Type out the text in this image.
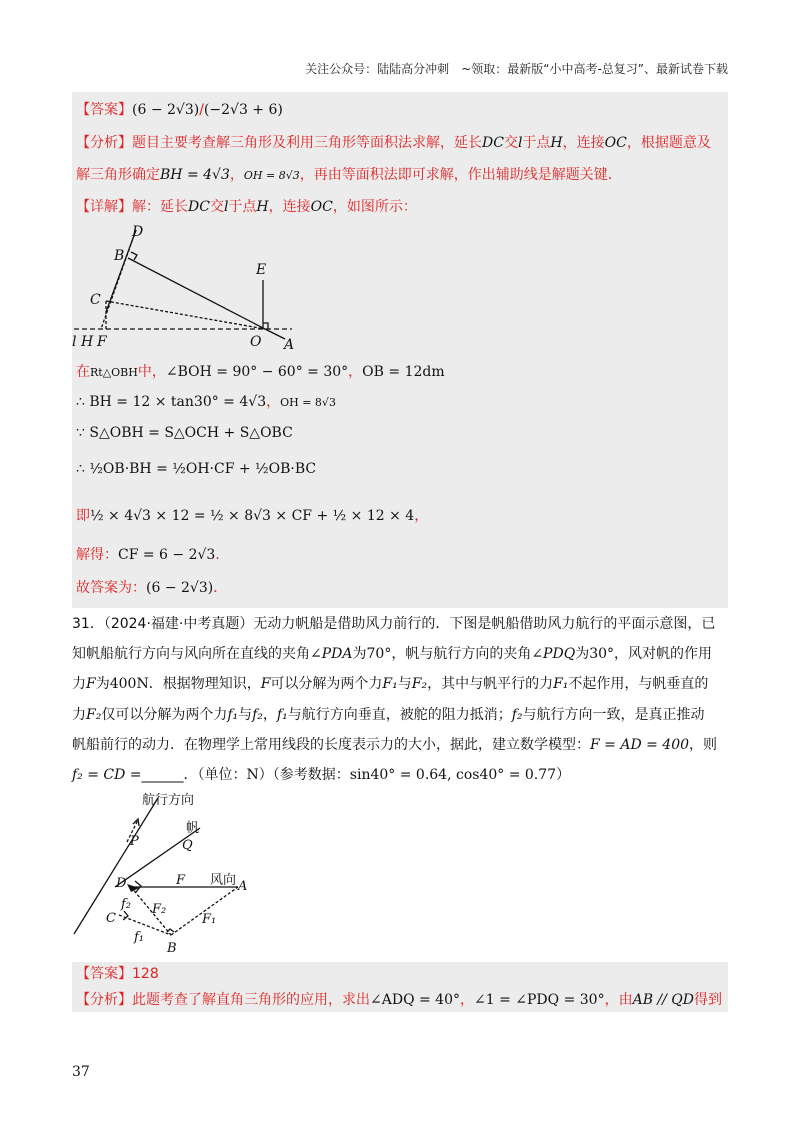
关注公众号：陆陆高分冲刺　~领取：最新版“小中高考-总复习”、最新试卷下载
【答案】(6 − 2√3)/(−2√3 + 6)
【分析】题目主要考查解三角形及利用三角形等面积法求解，延长DC交l于点H，连接OC，根据题意及
解三角形确定BH = 4√3，OH = 8√3，再由等面积法即可求解，作出辅助线是解题关键．
【详解】解：延长DC交l于点H，连接OC，如图所示：
D
B
E
C
l H F	O A
在Rt△OBH中，∠BOH = 90° − 60° = 30°，OB = 12dm
∴ BH = 12 × tan30° = 4√3，OH = 8√3
∵ S△OBH = S△OCH + S△OBC
∴ ½OB·BH = ½OH·CF + ½OB·BC
即½ × 4√3 × 12 = ½ × 8√3 × CF + ½ × 12 × 4，
解得：CF = 6 − 2√3．
故答案为：(6 − 2√3)．
31．（2024·福建·中考真题）无动力帆船是借助风力前行的．下图是帆船借助风力航行的平面示意图，已
知帆船航行方向与风向所在直线的夹角∠PDA为70°，帆与航行方向的夹角∠PDQ为30°，风对帆的作用
力F为400N．根据物理知识，F可以分解为两个力F₁与F₂，其中与帆平行的力F₁不起作用，与帆垂直的
力F₂仅可以分解为两个力f₁与f₂，f₁与航行方向垂直，被舵的阻力抵消；f₂与航行方向一致，是真正推动
帆船前行的动力．在物理学上常用线段的长度表示力的大小，据此，建立数学模型：F = AD = 400，则
f₂ = CD =______．（单位：N）（参考数据：sin40° = 0.64, cos40° = 0.77）
航行方向
帆
风向
P	Q
D	F	A
C
f₂ F₂
F₁
f₁
B
【答案】128
【分析】此题考查了解直角三角形的应用，求出∠ADQ = 40°，∠1 = ∠PDQ = 30°，由AB // QD得到
37
